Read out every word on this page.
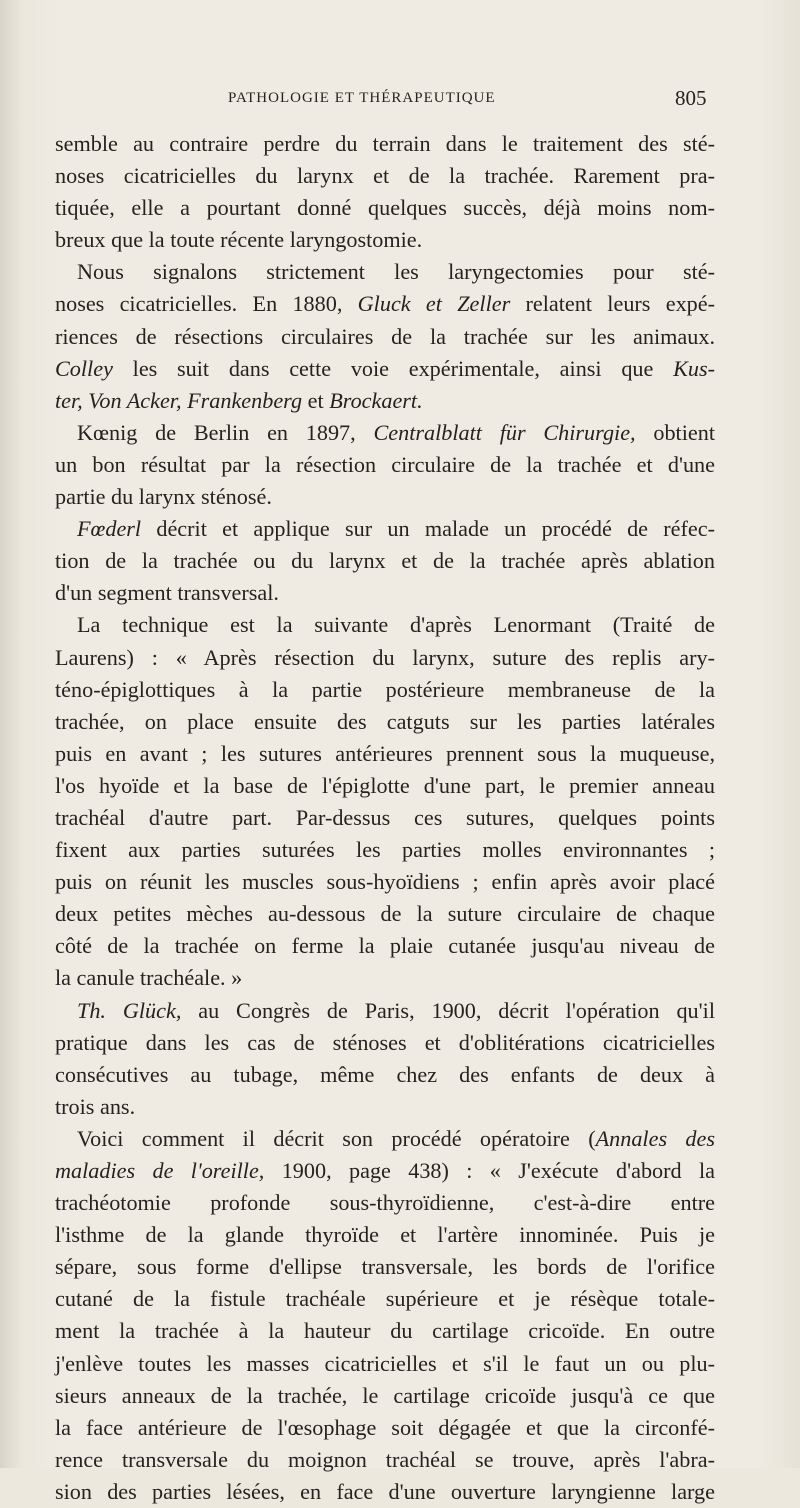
PATHOLOGIE ET THÉRAPEUTIQUE	805
semble au contraire perdre du terrain dans le traitement des sté-
noses cicatricielles du larynx et de la trachée. Rarement pra-
tiquée, elle a pourtant donné quelques succès, déjà moins nom-
breux que la toute récente laryngostomie.
Nous signalons strictement les laryngectomies pour sté-
noses cicatricielles. En 1880, Gluck et Zeller relatent leurs expé-
riences de résections circulaires de la trachée sur les animaux.
Colley les suit dans cette voie expérimentale, ainsi que Kus-
ter, Von Acker, Frankenberg et Brockaert.
Kœnig de Berlin en 1897, Centralblatt für Chirurgie, obtient
un bon résultat par la résection circulaire de la trachée et d'une
partie du larynx sténosé.
Fœderl décrit et applique sur un malade un procédé de réfec-
tion de la trachée ou du larynx et de la trachée après ablation
d'un segment transversal.
La technique est la suivante d'après Lenormant (Traité de
Laurens) : « Après résection du larynx, suture des replis ary-
téno-épiglottiques à la partie postérieure membraneuse de la
trachée, on place ensuite des catguts sur les parties latérales
puis en avant ; les sutures antérieures prennent sous la muqueuse,
l'os hyoïde et la base de l'épiglotte d'une part, le premier anneau
trachéal d'autre part. Par-dessus ces sutures, quelques points
fixent aux parties suturées les parties molles environnantes ;
puis on réunit les muscles sous-hyoïdiens ; enfin après avoir placé
deux petites mèches au-dessous de la suture circulaire de chaque
côté de la trachée on ferme la plaie cutanée jusqu'au niveau de
la canule trachéale. »
Th. Glück, au Congrès de Paris, 1900, décrit l'opération qu'il
pratique dans les cas de sténoses et d'oblitérations cicatricielles
consécutives au tubage, même chez des enfants de deux à
trois ans.
Voici comment il décrit son procédé opératoire (Annales des
maladies de l'oreille, 1900, page 438) : « J'exécute d'abord la
trachéotomie profonde sous-thyroïdienne, c'est-à-dire entre
l'isthme de la glande thyroïde et l'artère innominée. Puis je
sépare, sous forme d'ellipse transversale, les bords de l'orifice
cutané de la fistule trachéale supérieure et je résèque totale-
ment la trachée à la hauteur du cartilage cricoïde. En outre
j'enlève toutes les masses cicatricielles et s'il le faut un ou plu-
sieurs anneaux de la trachée, le cartilage cricoïde jusqu'à ce que
la face antérieure de l'œsophage soit dégagée et que la circonfé-
rence transversale du moignon trachéal se trouve, après l'abra-
sion des parties lésées, en face d'une ouverture laryngienne large
